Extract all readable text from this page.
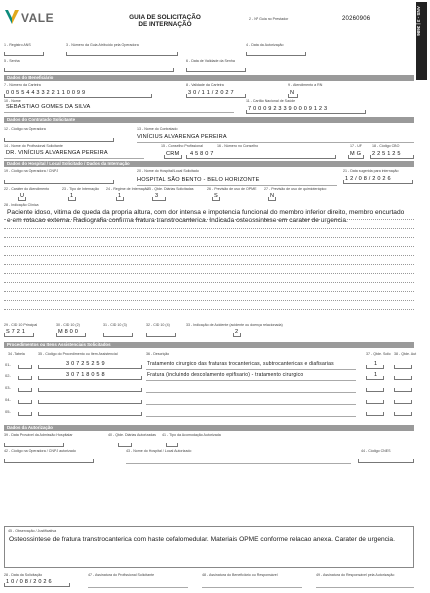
VALE	GUIA DE SOLICITAÇÃO
DE INTERNAÇÃO
2 - Nº Guia no Prestador	20260906	ANS - 3 | 3686
1 - Registro ANS	3 - Número da Guia Atribuído pela Operadora	4 - Data da Autorização
5 - Senha	6 - Data de Validade da Senha
Dados do Beneficiário
7 - Número da Carteira
0 0 5 5 4 4 3 3 2 2 1 1 0 0 9 9
8 - Validade da Carteira
3 0 / 1 1 / 2 0 2 7
9 - Atendimento a RN
N
10 - Nome
SEBASTIAO GOMES DA SILVA
11 - Cartão Nacional de Saúde
7 0 0 0 9 2 3 3 9 0 0 0 9 1 2 3
Dados do Contratado Solicitante
12 - Código na Operadora	13 - Nome do Contratado
VINÍCIUS ALVARENGA PEREIRA
14 - Nome do Profissional Solicitante
DR. VINÍCIUS ALVARENGA PEREIRA
15 - Conselho Profissional
CRM
16 - Número no Conselho
4 5 8 0 7
17 - UF
M G
18 - Código CBO
2 2 5 1 2 5
Dados do Hospital / Local Solicitado / Dados da Internação
19 - Código na Operadora / CNPJ	20 - Nome do Hospital/Local Solicitado
HOSPITAL SÃO BENTO - BELO HORIZONTE
21 - Data sugerida para internação
1 2 / 0 8 / 2 0 2 6
22 - Caráter do Atendimento
U
23 - Tipo de Internação
1
24 - Regime de Internação
1
25 - Qtde. Diárias Solicitadas
3
26 - Previsão de uso de OPME
S
27 - Previsão de uso de quimioterápico
N
28 - Indicação Clínica
Paciente idoso, vitima de queda da propria altura, com dor intensa e impotencia funcional do membro inferior direito, membro encurtado e em rotacao externa. Radiografia confirma fratura transtrocanterica. Indicada osteossintese em carater de urgencia.
29 - CID 10 Principal
S 7 2 1
30 - CID 10 (2)
M 8 0 0
31 - CID 10 (3)	32 - CID 10 (4)	33 - Indicação de Acidente (acidente ou doença relacionada)
2
Procedimentos ou Itens Assistenciais Solicitados
34 -Tabela	35 - Código do Procedimento ou Item Assistencial	36 - Descrição	37 - Qtde. Solic 38 - Qtde. Aut
01-	3 0 7 2 5 2 5 9	Tratamento cirurgico das fraturas trocantericas, subtrocantericas e diafisarias	1
02-	3 0 7 1 8 0 5 8	Fratura (incluindo descolamento epifisario) - tratamento cirurgico	1
03-
04-
05-
Dados da Autorização
39 - Data Provável da Admissão Hospitalar	40 - Qtde. Diárias Autorizadas 41 - Tipo da Acomodação Autorizada
42 - Código na Operadora / CNPJ autorizado	43 - Nome do Hospital / Local Autorizado	44 - Código CNES
45 - Observação / Justificativa
Osteossintese de fratura transtrocanterica com haste cefalomedular. Materiais OPME conforme relacao anexa. Carater de urgencia.
28 - Data da Solicitação
1 0 / 0 8 / 2 0 2 6
47 - Assinatura do Profissional Solicitante	48 - Assinatura do Beneficiário ou Responsável	49 - Assinatura do Responsável pela Autorização
